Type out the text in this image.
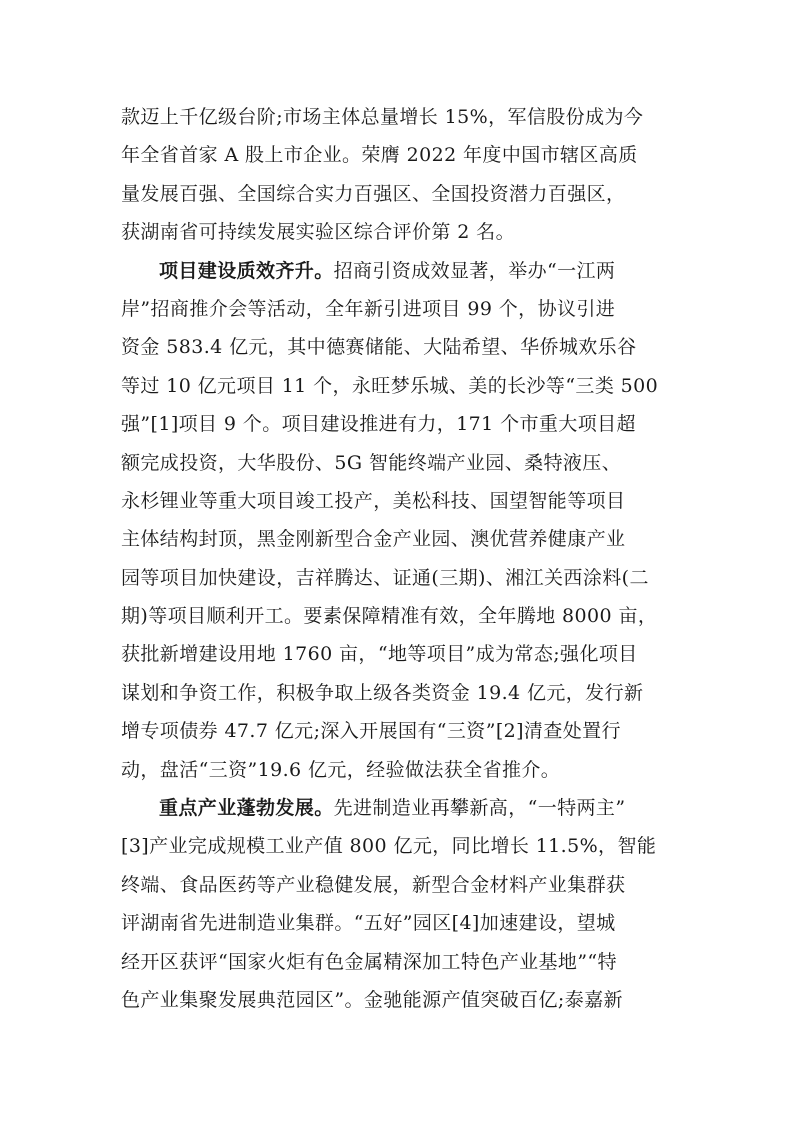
款迈上千亿级台阶;市场主体总量增长 15%，军信股份成为今
年全省首家 A 股上市企业。荣膺 2022 年度中国市辖区高质
量发展百强、全国综合实力百强区、全国投资潜力百强区，
获湖南省可持续发展实验区综合评价第 2 名。
项目建设质效齐升。招商引资成效显著，举办“一江两
岸”招商推介会等活动，全年新引进项目 99 个，协议引进
资金 583.4 亿元，其中德赛储能、大陆希望、华侨城欢乐谷
等过 10 亿元项目 11 个，永旺梦乐城、美的长沙等“三类 500
强”[1]项目 9 个。项目建设推进有力，171 个市重大项目超
额完成投资，大华股份、5G 智能终端产业园、桑特液压、
永杉锂业等重大项目竣工投产，美松科技、国望智能等项目
主体结构封顶，黑金刚新型合金产业园、澳优营养健康产业
园等项目加快建设，吉祥腾达、证通(三期)、湘江关西涂料(二
期)等项目顺利开工。要素保障精准有效，全年腾地 8000 亩，
获批新增建设用地 1760 亩，“地等项目”成为常态;强化项目
谋划和争资工作，积极争取上级各类资金 19.4 亿元，发行新
增专项债券 47.7 亿元;深入开展国有“三资”[2]清查处置行
动，盘活“三资”19.6 亿元，经验做法获全省推介。
重点产业蓬勃发展。先进制造业再攀新高，“一特两主”
[3]产业完成规模工业产值 800 亿元，同比增长 11.5%，智能
终端、食品医药等产业稳健发展，新型合金材料产业集群获
评湖南省先进制造业集群。“五好”园区[4]加速建设，望城
经开区获评“国家火炬有色金属精深加工特色产业基地”“特
色产业集聚发展典范园区”。金驰能源产值突破百亿;泰嘉新
